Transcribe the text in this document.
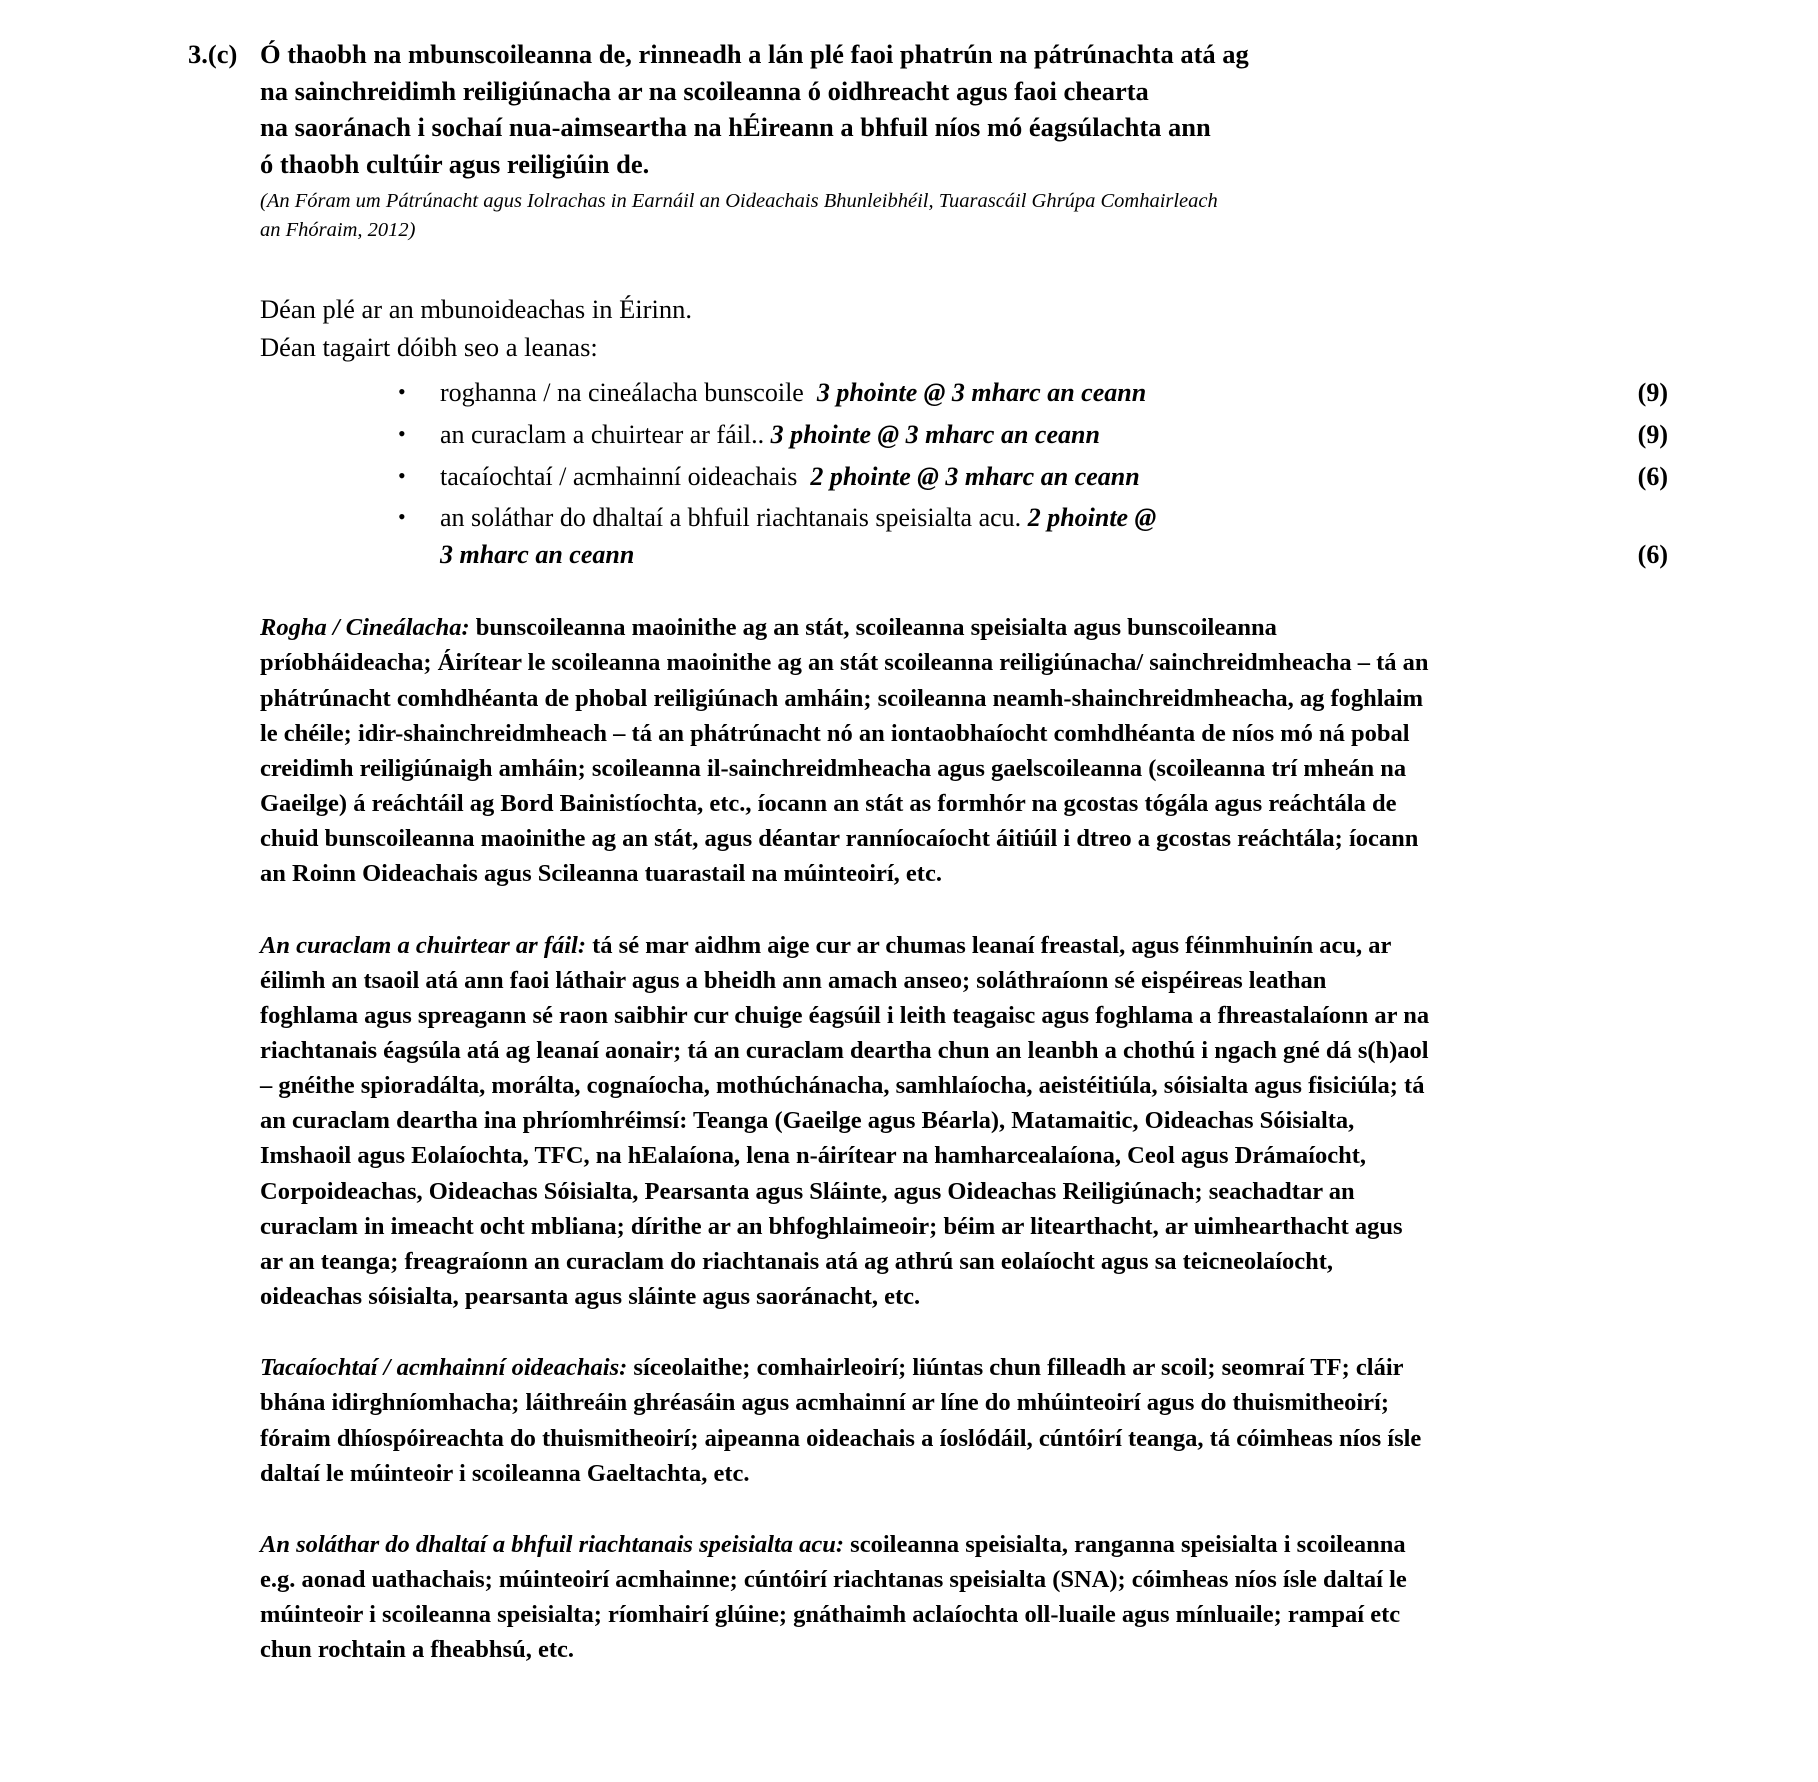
3.(c) Ó thaobh na mbunscoileanna de, rinneadh a lán plé faoi phatrún na pátrúnachta atá ag
na sainchreidimh reiligiúnacha ar na scoileanna ó oidhreacht agus faoi chearta
na saoránach i sochaí nua-aimseartha na hÉireann a bhfuil níos mó éagsúlachta ann
ó thaobh cultúir agus reiligiúin de.
(An Fóram um Pátrúnacht agus Iolrachas in Earnáil an Oideachais Bhunleibhéil, Tuarascáil Ghrúpa Comhairleach
an Fhóraim, 2012)
Déan plé ar an mbunoideachas in Éirinn.
Déan tagairt dóibh seo a leanas:
•	roghanna / na cineálacha bunscoile 3 phointe @ 3 mharc an ceann	(9)
•	an curaclam a chuirtear ar fáil.. 3 phointe @ 3 mharc an ceann	(9)
•	tacaíochtaí / acmhainní oideachais 2 phointe @ 3 mharc an ceann	(6)
•	an soláthar do dhaltaí a bhfuil riachtanais speisialta acu. 2 phointe @
3 mharc an ceann	(6)

Rogha / Cineálacha: bunscoileanna maoinithe ag an stát, scoileanna speisialta agus bunscoileanna príobháideacha; Áirítear le scoileanna maoinithe ag an stát scoileanna reiligiúnacha/ sainchreidmheacha – tá an phátrúnacht comhdhéanta de phobal reiligiúnach amháin; scoileanna neamh-shainchreidmheacha, ag foghlaim le chéile; idir-shainchreidmheach – tá an phátrúnacht nó an iontaobhaíocht comhdhéanta de níos mó ná pobal creidimh reiligiúnaigh amháin; scoileanna il-sainchreidmheacha agus gaelscoileanna (scoileanna trí mheán na Gaeilge) á reáchtáil ag Bord Bainistíochta, etc., íocann an stát as formhór na gcostas tógála agus reáchtála de chuid bunscoileanna maoinithe ag an stát, agus déantar ranníocaíocht áitiúil i dtreo a gcostas reáchtála; íocann an Roinn Oideachais agus Scileanna tuarastail na múinteoirí, etc.

An curaclam a chuirtear ar fáil: tá sé mar aidhm aige cur ar chumas leanaí freastal, agus féinmhuinín acu, ar éilimh an tsaoil atá ann faoi láthair agus a bheidh ann amach anseo; soláthraíonn sé eispéireas leathan foghlama agus spreagann sé raon saibhir cur chuige éagsúil i leith teagaisc agus foghlama a fhreastalaíonn ar na riachtanais éagsúla atá ag leanaí aonair; tá an curaclam deartha chun an leanbh a chothú i ngach gné dá s(h)aol – gnéithe spioradálta, morálta, cognaíocha, mothúchánacha, samhlaíocha, aeistéitiúla, sóisialta agus fisiciúla; tá an curaclam deartha ina phríomhréimsí: Teanga (Gaeilge agus Béarla), Matamaitic, Oideachas Sóisialta, Imshaoil agus Eolaíochta, TFC, na hEalaíona, lena n-áirítear na hamharcealaíona, Ceol agus Drámaíocht, Corpoideachas, Oideachas Sóisialta, Pearsanta agus Sláinte, agus Oideachas Reiligiúnach; seachadtar an curaclam in imeacht ocht mbliana; dírithe ar an bhfoghlaimeoir; béim ar litearthacht, ar uimhearthacht agus ar an teanga; freagraíonn an curaclam do riachtanais atá ag athrú san eolaíocht agus sa teicneolaíocht, oideachas sóisialta, pearsanta agus sláinte agus saoránacht, etc.

Tacaíochtaí / acmhainní oideachais: síceolaithe; comhairleoirí; liúntas chun filleadh ar scoil; seomraí TF; cláir bhána idirghníomhacha; láithreáin ghréasáin agus acmhainní ar líne do mhúinteoirí agus do thuismitheoirí; fóraim dhíospóireachta do thuismitheoirí; aipeanna oideachais a íoslódáil, cúntóirí teanga, tá cóimheas níos ísle daltaí le múinteoir i scoileanna Gaeltachta, etc.

An soláthar do dhaltaí a bhfuil riachtanais speisialta acu: scoileanna speisialta, ranganna speisialta i scoileanna e.g. aonad uathachais; múinteoirí acmhainne; cúntóirí riachtanas speisialta (SNA); cóimheas níos ísle daltaí le múinteoir i scoileanna speisialta; ríomhairí glúine; gnáthaimh aclaíochta oll-luaile agus mínluaile; rampaí etc chun rochtain a fheabhsú, etc.
